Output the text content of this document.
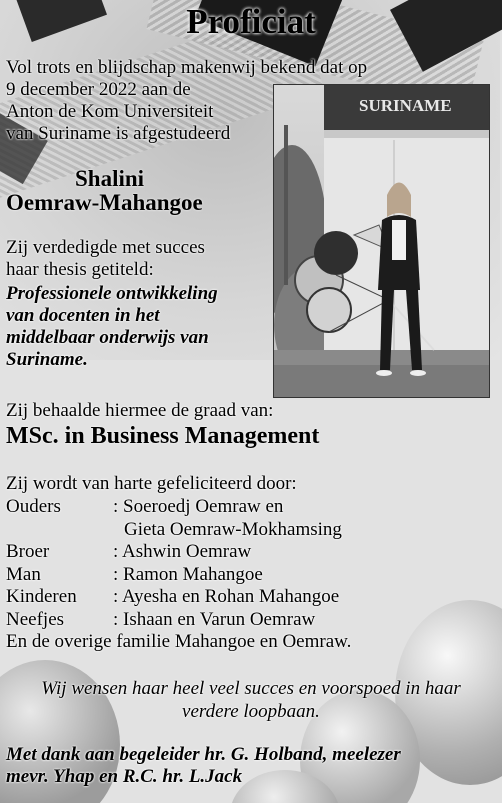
Proficiat
Vol trots en blijdschap makenwij bekend dat op
9 december 2022 aan de
Anton de Kom Universiteit
van Suriname is afgestudeerd
Shalini
Oemraw-Mahangoe
Zij verdedigde met succes
haar thesis getiteld:
Professionele ontwikkeling
van docenten in het
middelbaar onderwijs van
Suriname.
SURINAME
Zij behaalde hiermee de graad van:
MSc. in Business Management
Zij wordt van harte gefeliciteerd door:
Ouders	: Soeroedj Oemraw en
Gieta Oemraw-Mokhamsing
Broer	: Ashwin Oemraw
Man	: Ramon Mahangoe
Kinderen : Ayesha en Rohan Mahangoe
Neefjes	: Ishaan en Varun Oemraw
En de overige familie Mahangoe en Oemraw.
Wij wensen haar heel veel succes en voorspoed in haar
verdere loopbaan.
Met dank aan begeleider hr. G. Holband, meelezer
mevr. Yhap en R.C. hr. L.Jack
